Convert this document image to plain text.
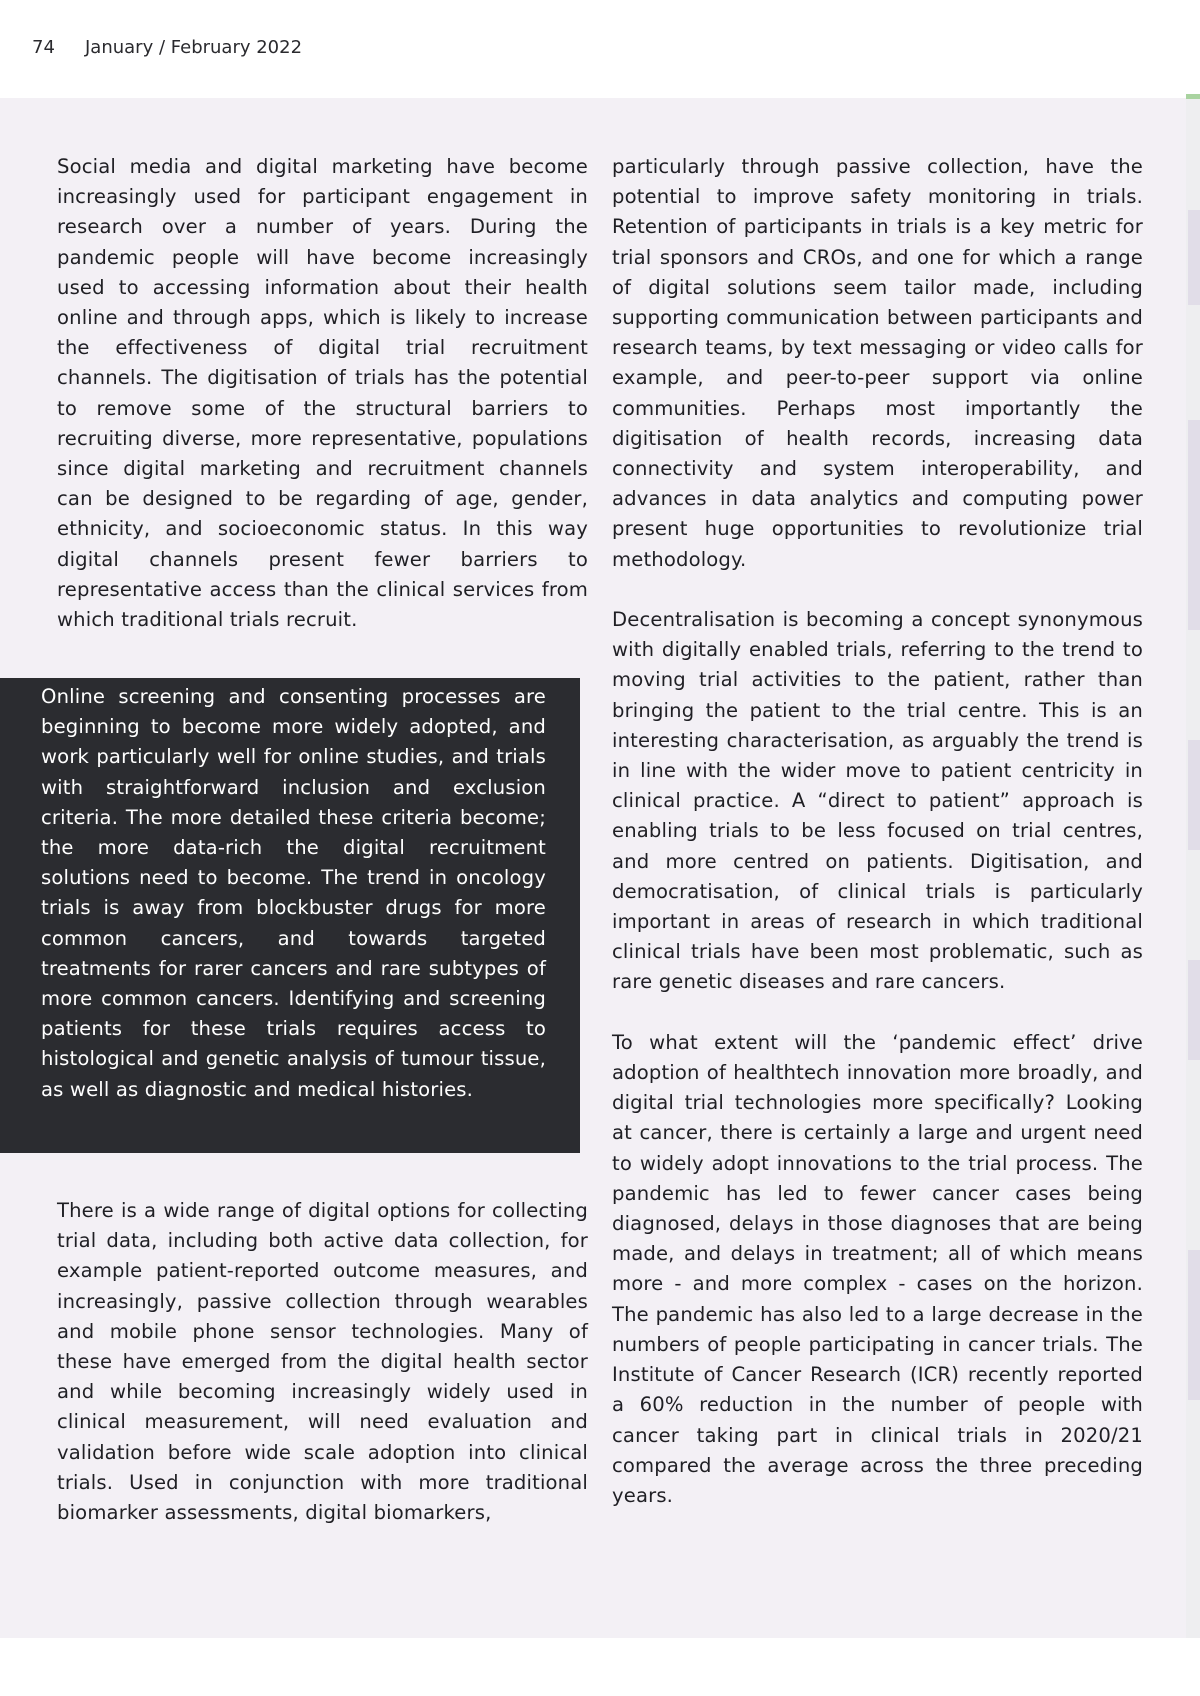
74 January / February 2022

Social media and digital marketing have become increasingly used for participant engagement in research over a number of years. During the pandemic people will have become increasingly used to accessing information about their health online and through apps, which is likely to increase the effectiveness of digital trial recruitment channels. The digitisation of trials has the potential to remove some of the structural barriers to recruiting diverse, more representative, populations since digital marketing and recruitment channels can be designed to be regarding of age, gender, ethnicity, and socioeconomic status. In this way digital channels present fewer barriers to representative access than the clinical services from which traditional trials recruit.

Online screening and consenting processes are beginning to become more widely adopted, and work particularly well for online studies, and trials with straightforward inclusion and exclusion criteria. The more detailed these criteria become; the more data-rich the digital recruitment solutions need to become. The trend in oncology trials is away from blockbuster drugs for more common cancers, and towards targeted treatments for rarer cancers and rare subtypes of more common cancers. Identifying and screening patients for these trials requires access to histological and genetic analysis of tumour tissue, as well as diagnostic and medical histories.

There is a wide range of digital options for collecting trial data, including both active data collection, for example patient-reported outcome measures, and increasingly, passive collection through wearables and mobile phone sensor technologies. Many of these have emerged from the digital health sector and while becoming increasingly widely used in clinical measurement, will need evaluation and validation before wide scale adoption into clinical trials. Used in conjunction with more traditional biomarker assessments, digital biomarkers,

particularly through passive collection, have the potential to improve safety monitoring in trials. Retention of participants in trials is a key metric for trial sponsors and CROs, and one for which a range of digital solutions seem tailor made, including supporting communication between participants and research teams, by text messaging or video calls for example, and peer-to-peer support via online communities. Perhaps most importantly the digitisation of health records, increasing data connectivity and system interoperability, and advances in data analytics and computing power present huge opportunities to revolutionize trial methodology.

Decentralisation is becoming a concept synonymous with digitally enabled trials, referring to the trend to moving trial activities to the patient, rather than bringing the patient to the trial centre. This is an interesting characterisation, as arguably the trend is in line with the wider move to patient centricity in clinical practice. A “direct to patient” approach is enabling trials to be less focused on trial centres, and more centred on patients. Digitisation, and democratisation, of clinical trials is particularly important in areas of research in which traditional clinical trials have been most problematic, such as rare genetic diseases and rare cancers.

To what extent will the ‘pandemic effect’ drive adoption of healthtech innovation more broadly, and digital trial technologies more specifically? Looking at cancer, there is certainly a large and urgent need to widely adopt innovations to the trial process. The pandemic has led to fewer cancer cases being diagnosed, delays in those diagnoses that are being made, and delays in treatment; all of which means more - and more complex - cases on the horizon. The pandemic has also led to a large decrease in the numbers of people participating in cancer trials. The Institute of Cancer Research (ICR) recently reported a 60% reduction in the number of people with cancer taking part in clinical trials in 2020/21 compared the average across the three preceding years.
